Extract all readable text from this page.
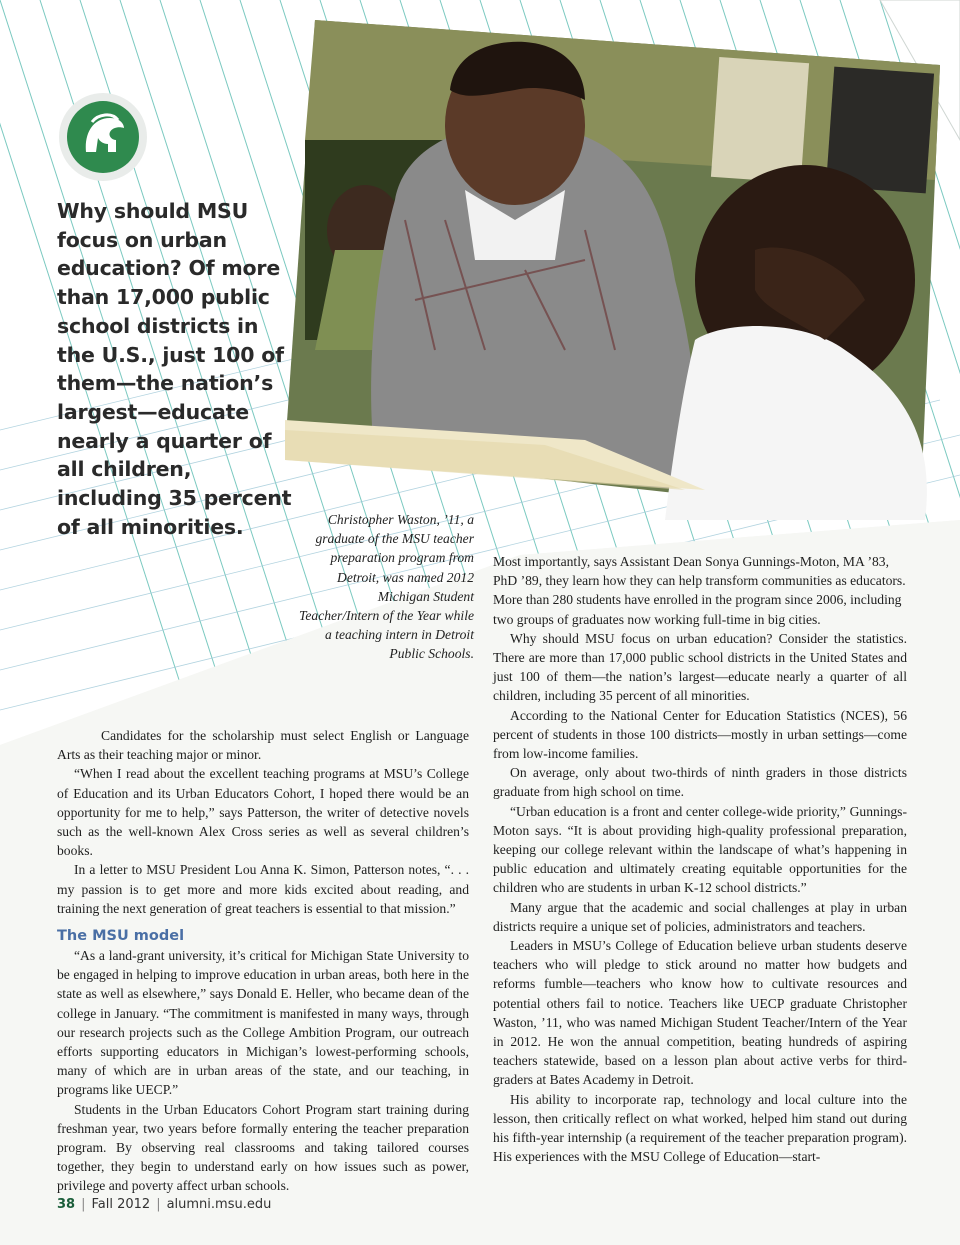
Why should MSU focus on urban education? Of more than 17,000 public school districts in the U.S., just 100 of them—the nation’s largest—educate nearly a quarter of all children, including 35 percent of all minorities.	Christopher Waston, ’11, a graduate of the MSU teacher preparation program from Detroit, was named 2012 Michigan Student Teacher/Intern of the Year while a teaching intern in Detroit Public Schools.

Candidates for the scholarship must select English or Language Arts as their teaching major or minor.

“When I read about the excellent teaching programs at MSU’s College of Education and its Urban Educators Cohort, I hoped there would be an opportunity for me to help,” says Patterson, the writer of detective novels such as the well-known Alex Cross series as well as several children’s books.

In a letter to MSU President Lou Anna K. Simon, Patterson notes, “. . . my passion is to get more and more kids excited about reading, and training the next generation of great teachers is essential to that mission.”

The MSU model

“As a land-grant university, it’s critical for Michigan State University to be engaged in helping to improve education in urban areas, both here in the state as well as elsewhere,” says Donald E. Heller, who became dean of the college in January. “The commitment is manifested in many ways, through our research projects such as the College Ambition Program, our outreach efforts supporting educators in Michigan’s lowest-performing schools, many of which are in urban areas of the state, and our teaching, in programs like UECP.”

Students in the Urban Educators Cohort Program start training during freshman year, two years before formally entering the teacher preparation program. By observing real classrooms and taking tailored courses together, they begin to understand early on how issues such as power, privilege and poverty affect urban schools.

Most importantly, says Assistant Dean Sonya Gunnings-Moton, MA ’83, PhD ’89, they learn how they can help transform communities as educators. More than 280 students have enrolled in the program since 2006, including two groups of graduates now working full-time in big cities.

Why should MSU focus on urban education? Consider the statistics. There are more than 17,000 public school districts in the United States and just 100 of them—the nation’s largest—educate nearly a quarter of all children, including 35 percent of all minorities.

According to the National Center for Education Statistics (NCES), 56 percent of students in those 100 districts—mostly in urban settings—come from low-income families.

On average, only about two-thirds of ninth graders in those districts graduate from high school on time.

“Urban education is a front and center college-wide priority,” Gunnings-Moton says. “It is about providing high-quality professional preparation, keeping our college relevant within the landscape of what’s happening in public education and ultimately creating equitable opportunities for the children who are students in urban K-12 school districts.”

Many argue that the academic and social challenges at play in urban districts require a unique set of policies, administrators and teachers.

Leaders in MSU’s College of Education believe urban students deserve teachers who will pledge to stick around no matter how budgets and reforms fumble—teachers who know how to cultivate resources and potential others fail to notice. Teachers like UECP graduate Christopher Waston, ’11, who was named Michigan Student Teacher/Intern of the Year in 2012. He won the annual competition, beating hundreds of aspiring teachers statewide, based on a lesson plan about active verbs for third-graders at Bates Academy in Detroit.

His ability to incorporate rap, technology and local culture into the lesson, then critically reflect on what worked, helped him stand out during his fifth-year internship (a requirement of the teacher preparation program). His experiences with the MSU College of Education—start-

38 | Fall 2012 | alumni.msu.edu
